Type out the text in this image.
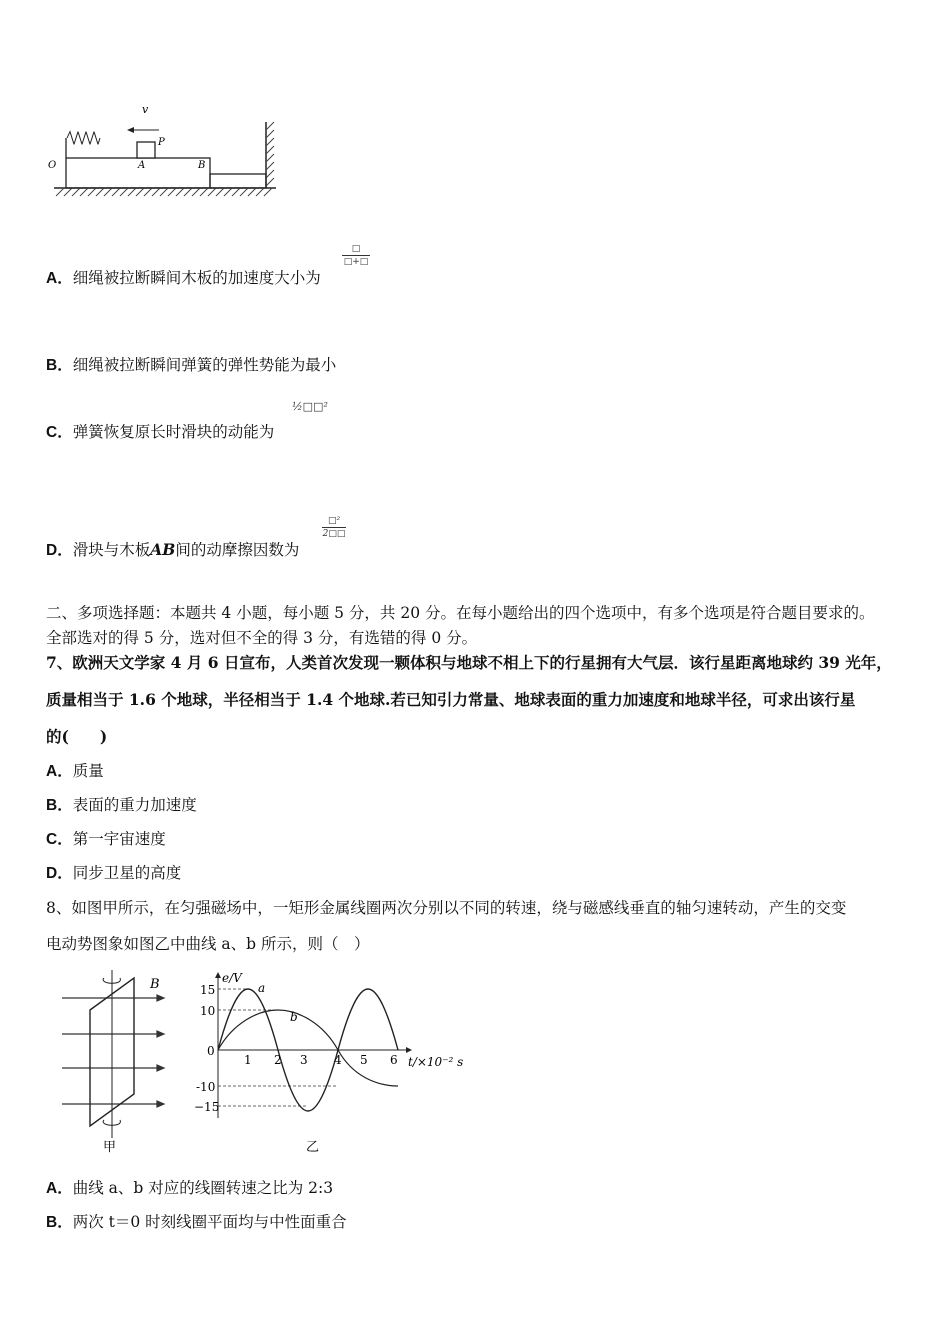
v
P
O	A	B
A．细绳被拉断瞬间木板的加速度大小为
□
□+□
B．细绳被拉断瞬间弹簧的弹性势能为最小
C．弹簧恢复原长时滑块的动能为
½□□²
D．滑块与木板AB间的动摩擦因数为
□²
2□□
二、多项选择题：本题共 4 小题，每小题 5 分，共 20 分。在每小题给出的四个选项中，有多个选项是符合题目要求的。
全部选对的得 5 分，选对但不全的得 3 分，有选错的得 0 分。
7、欧洲天文学家 4 月 6 日宣布，人类首次发现一颗体积与地球不相上下的行星拥有大气层．该行星距离地球约 39 光年，
质量相当于 1.6 个地球，半径相当于 1.4 个地球.若已知引力常量、地球表面的重力加速度和地球半径，可求出该行星
的(　　)
A．质量
B．表面的重力加速度
C．第一宇宙速度
D．同步卫星的高度
8、如图甲所示，在匀强磁场中，一矩形金属线圈两次分别以不同的转速，绕与磁感线垂直的轴匀速转动，产生的交变
电动势图象如图乙中曲线 a、b 所示，则（　）
B
甲
e/V
t/×10⁻² s
15
10
0
-10
−15
1 2 3 4 5 6
a
b
乙
A．曲线 a、b 对应的线圈转速之比为 2:3
B．两次 t＝0 时刻线圈平面均与中性面重合
